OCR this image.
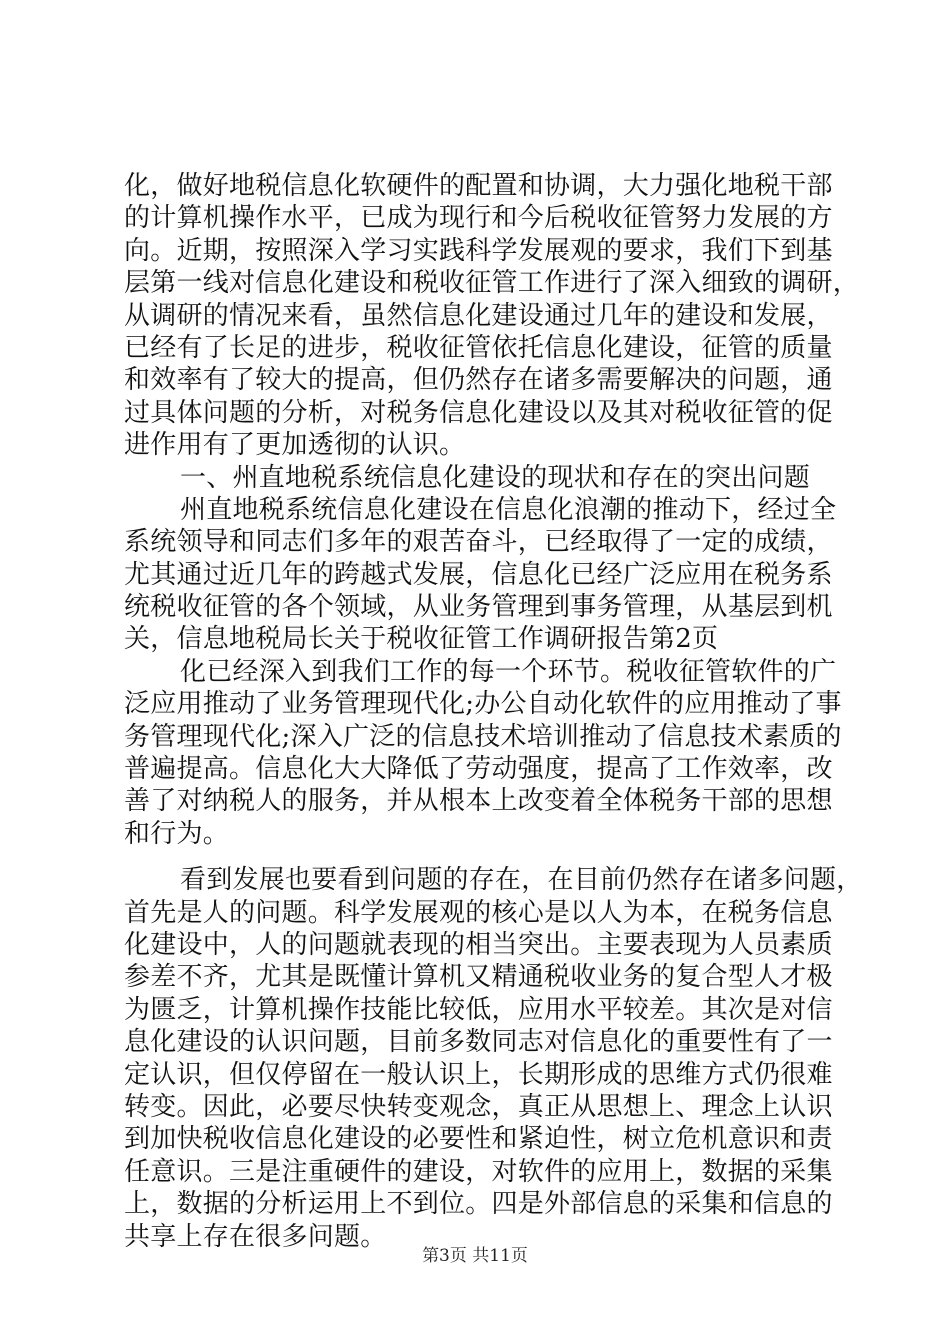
化，做好地税信息化软硬件的配置和协调，大力强化地税干部
的计算机操作水平，已成为现行和今后税收征管努力发展的方
向。近期，按照深入学习实践科学发展观的要求，我们下到基
层第一线对信息化建设和税收征管工作进行了深入细致的调研，
从调研的情况来看，虽然信息化建设通过几年的建设和发展，
已经有了长足的进步，税收征管依托信息化建设，征管的质量
和效率有了较大的提高，但仍然存在诸多需要解决的问题，通
过具体问题的分析，对税务信息化建设以及其对税收征管的促
进作用有了更加透彻的认识。
一、州直地税系统信息化建设的现状和存在的突出问题
州直地税系统信息化建设在信息化浪潮的推动下，经过全
系统领导和同志们多年的艰苦奋斗，已经取得了一定的成绩，
尤其通过近几年的跨越式发展，信息化已经广泛应用在税务系
统税收征管的各个领域，从业务管理到事务管理，从基层到机
关，信息地税局长关于税收征管工作调研报告第2页
化已经深入到我们工作的每一个环节。税收征管软件的广
泛应用推动了业务管理现代化;办公自动化软件的应用推动了事
务管理现代化;深入广泛的信息技术培训推动了信息技术素质的
普遍提高。信息化大大降低了劳动强度，提高了工作效率，改
善了对纳税人的服务，并从根本上改变着全体税务干部的思想
和行为。
看到发展也要看到问题的存在，在目前仍然存在诸多问题，
首先是人的问题。科学发展观的核心是以人为本，在税务信息
化建设中，人的问题就表现的相当突出。主要表现为人员素质
参差不齐，尤其是既懂计算机又精通税收业务的复合型人才极
为匮乏，计算机操作技能比较低，应用水平较差。其次是对信
息化建设的认识问题，目前多数同志对信息化的重要性有了一
定认识，但仅停留在一般认识上，长期形成的思维方式仍很难
转变。因此，必要尽快转变观念，真正从思想上、理念上认识
到加快税收信息化建设的必要性和紧迫性，树立危机意识和责
任意识。三是注重硬件的建设，对软件的应用上，数据的采集
上，数据的分析运用上不到位。四是外部信息的采集和信息的
共享上存在很多问题。
第3页 共11页
